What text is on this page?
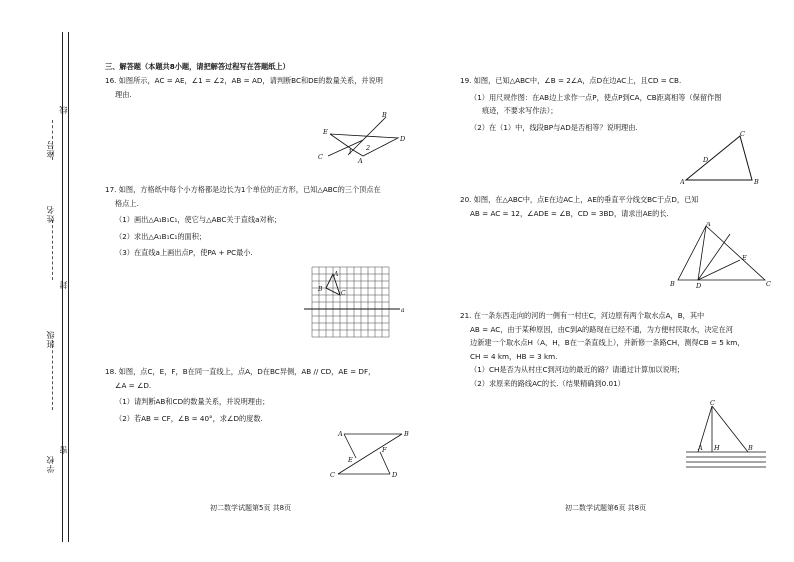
学校
班级
姓名
座号
密
封
线

三、解答题（本题共8小题，请把解答过程写在答题纸上）

16. 如图所示，AC = AE，∠1 = ∠2，AB = AD，请判断BC和DE的数量关系，并说明

理由.

17. 如图，方格纸中每个小方格都是边长为1个单位的正方形，已知△ABC的三个顶点在

格点上.

（1）画出△A₁B₁C₁，使它与△ABC关于直线a对称；

（2）求出△A₁B₁C₁的面积；

（3）在直线a上画出点P，使PA + PC最小.

18. 如图，点C，E，F，B在同一直线上，点A，D在BC异侧，AB // CD，AE = DF，

∠A = ∠D.

（1）请判断AB和CD的数量关系，并说明理由；

（2）若AB = CF，∠B = 40°，求∠D的度数.

初二数学试题第5页 共8页

19. 如图，已知△ABC中，∠B = 2∠A，点D在边AC上，且CD = CB.

（1）用尺规作图：在AB边上求作一点P，使点P到CA，CB距离相等（保留作图

痕迹，不要求写作法）；

（2）在（1）中，线段BP与AD是否相等？说明理由.

20. 如图，在△ABC中，点E在边AC上，AE的垂直平分线交BC于点D，已知

AB = AC = 12，∠ADE = ∠B，CD = 3BD，请求出AE的长.

21. 在一条东西走向的河的一侧有一村庄C，河边原有两个取水点A，B，其中

AB = AC，由于某种原因，由C到A的路现在已经不通，为方便村民取水，决定在河

边新建一个取水点H（A，H，B在一条直线上），并新修一条路CH，测得CB = 5 km，

CH = 4 km，HB = 3 km.

（1）CH是否为从村庄C到河边的最近的路？请通过计算加以说明；

（2）求原来的路线AC的长.（结果精确到0.01）

初二数学试题第6页 共8页
E
B
D
C	A
1 2
A
B
C
a
A	B
E
F
C	D
C
D
A	B
A
E
B	D	C
C
A H	B
